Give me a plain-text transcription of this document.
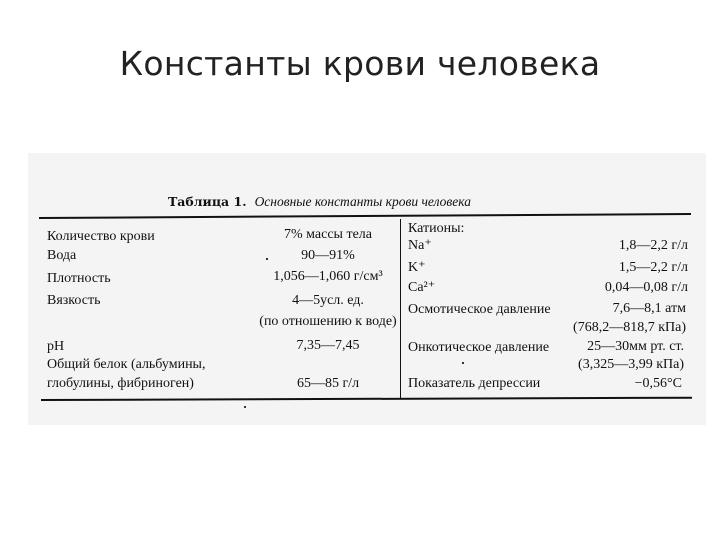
Константы крови человека
Таблица 1. Основные константы крови человека
Количество крови
Вода
Плотность
Вязкость
pH
Общий белок (альбумины,
глобулины, фибриноген)
7% массы тела
90—91%
1,056—1,060 г/см³
4—5усл. ед.
(по отношению к воде)
7,35—7,45
65—85 г/л
Катионы:
Na⁺
K⁺
Ca²⁺
Осмотическое давление
Онкотическое давление
Показатель депрессии
1,8—2,2 г/л
1,5—2,2 г/л
0,04—0,08 г/л
7,6—8,1 атм
(768,2—818,7 кПа)
25—30мм рт. ст.
(3,325—3,99 кПа)
−0,56°С
